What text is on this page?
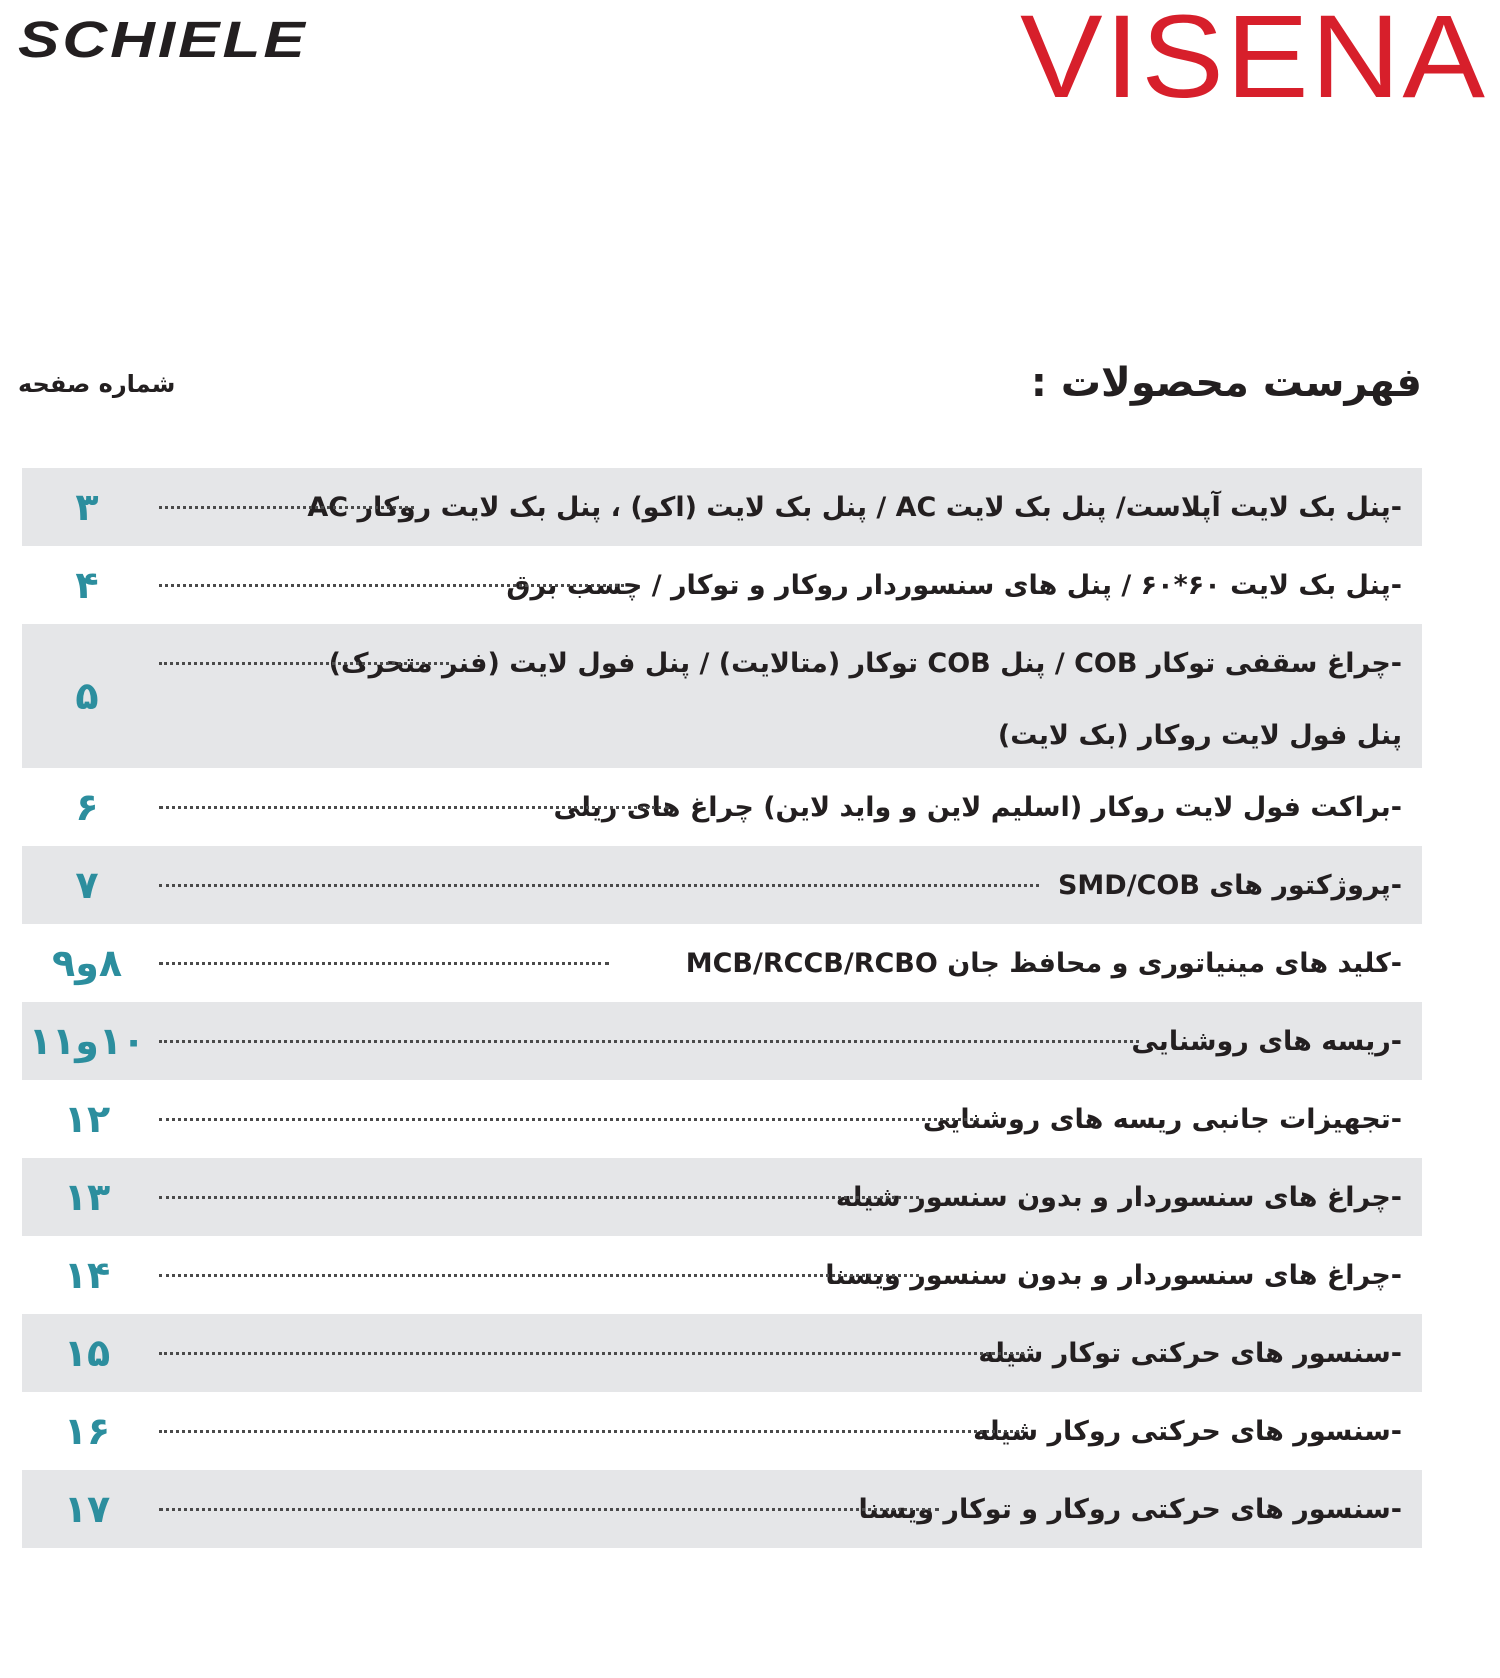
SCHIELE	VISENA
شماره صفحه	فهرست محصولات :
-پنل بک لایت آپلاست/ پنل بک لایت AC / پنل بک لایت (اکو) ، پنل بک لایت روکار AC
۳
-پنل بک لایت ۶۰*۶۰ / پنل های سنسوردار روکار و توکار / چسب برق
۴
-چراغ سقفی توکار COB / پنل COB توکار (متالایت) / پنل فول لایت (فنر متحرک)
پنل فول لایت روکار (بک لایت)
۵
-براکت فول لایت روکار (اسلیم لاین و واید لاین) چراغ های ریلی
۶
-پروژکتور های SMD/COB
۷
-کلید های مینیاتوری و محافظ جان MCB/RCCB/RCBO
۸و۹
-ریسه های روشنایی
۱۰و۱۱
-تجهیزات جانبی ریسه های روشنایی
۱۲
-چراغ های سنسوردار و بدون سنسور شیله
۱۳
-چراغ های سنسوردار و بدون سنسور ویسنا
۱۴
-سنسور های حرکتی توکار شیله
۱۵
-سنسور های حرکتی روکار شیله
۱۶
-سنسور های حرکتی روکار و توکار ویسنا
۱۷
